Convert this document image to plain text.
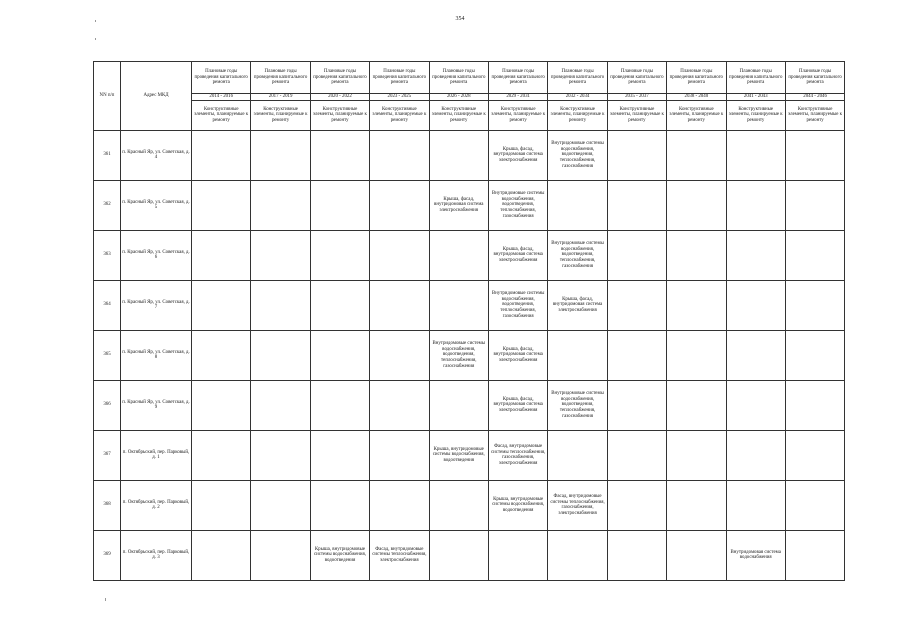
354
NN п/п	Адрес МКД	Плановые годы проведения капитального ремонта	Плановые годы проведения капитального ремонта	Плановые годы проведения капитального ремонта	Плановые годы проведения капитального ремонта	Плановые годы проведения капитального ремонта	Плановые годы проведения капитального ремонта	Плановые годы проведения капитального ремонта	Плановые годы проведения капитального ремонта	Плановые годы проведения капитального ремонта	Плановые годы проведения капитального ремонта	Плановые годы проведения капитального ремонта
		2014 - 2016	2017 - 2019	2020 - 2022	2023 - 2025	2026 - 2028	2029 - 2031	2032 - 2034	2035 - 2037	2038 - 2040	2041 - 2043	2044 - 2046
		Конструктивные элементы, планируемые к ремонту	Конструктивные элементы, планируемые к ремонту	Конструктивные элементы, планируемые к ремонту	Конструктивные элементы, планируемые к ремонту	Конструктивные элементы, планируемые к ремонту	Конструктивные элементы, планируемые к ремонту	Конструктивные элементы, планируемые к ремонту	Конструктивные элементы, планируемые к ремонту	Конструктивные элементы, планируемые к ремонту	Конструктивные элементы, планируемые к ремонту	Конструктивные элементы, планируемые к ремонту
361	п. Красный Яр, ул. Советская, д. 4						Крыша, фасад, внутридомовая система электроснабжения	Внутридомовые системы водоснабжения, водоотведения, теплоснабжения, газоснабжения				
362	п. Красный Яр, ул. Советская, д. 5					Крыша, фасад, внутридомовая система электроснабжения	Внутридомовые системы водоснабжения, водоотведения, теплоснабжения, газоснабжения					
363	п. Красный Яр, ул. Советская, д. 6						Крыша, фасад, внутридомовая система электроснабжения	Внутридомовые системы водоснабжения, водоотведения, теплоснабжения, газоснабжения				
364	п. Красный Яр, ул. Советская, д. 7						Внутридомовые системы водоснабжения, водоотведения, теплоснабжения, газоснабжения	Крыша, фасад, внутридомовая система электроснабжения				
365	п. Красный Яр, ул. Советская, д. 8					Внутридомовые системы водоснабжения, водоотведения, теплоснабжения, газоснабжения	Крыша, фасад, внутридомовая система электроснабжения					
366	п. Красный Яр, ул. Советская, д. 9						Крыша, фасад, внутридомовая система электроснабжения	Внутридомовые системы водоснабжения, водоотведения, теплоснабжения, газоснабжения				
367	п. Октябрьский, пер. Парковый, д. 1					Крыша, внутридомовые системы водоснабжения, водоотведения	Фасад, внутридомовые системы теплоснабжения, газоснабжения, электроснабжения					
368	п. Октябрьский, пер. Парковый, д. 2						Крыша, внутридомовые системы водоснабжения, водоотведения	Фасад, внутридомовые системы теплоснабжения, газоснабжения, электроснабжения				
369	п. Октябрьский, пер. Парковый, д. 3			Крыша, внутридомовые системы водоснабжения, водоотведения	Фасад, внутридомовые системы теплоснабжения, электроснабжения						Внутридомовая система водоснабжения	
